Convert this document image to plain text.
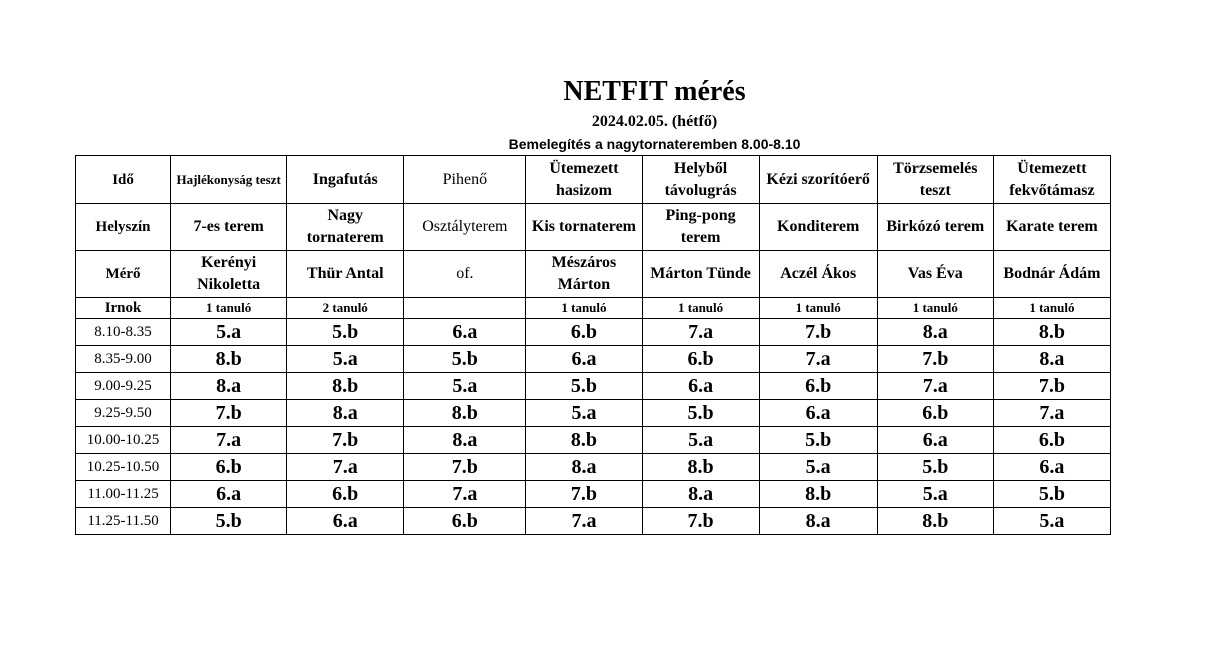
NETFIT mérés
2024.02.05. (hétfő)
Bemelegítés a nagytornateremben 8.00-8.10
Idő	Hajlékonyság teszt	Ingafutás	Pihenő	Ütemezett hasizom	Helyből távolugrás	Kézi szorítóerő	Törzsemelés teszt	Ütemezett fekvőtámasz
Helyszín	7-es terem	Nagy tornaterem	Osztályterem	Kis tornaterem	Ping-pong terem	Konditerem	Birkózó terem	Karate terem
Mérő	Kerényi Nikoletta	Thür Antal	of.	Mészáros Márton	Márton Tünde	Aczél Ákos	Vas Éva	Bodnár Ádám
Irnok	1 tanuló	2 tanuló		1 tanuló	1 tanuló	1 tanuló	1 tanuló	1 tanuló
8.10-8.35	5.a	5.b	6.a	6.b	7.a	7.b	8.a	8.b
8.35-9.00	8.b	5.a	5.b	6.a	6.b	7.a	7.b	8.a
9.00-9.25	8.a	8.b	5.a	5.b	6.a	6.b	7.a	7.b
9.25-9.50	7.b	8.a	8.b	5.a	5.b	6.a	6.b	7.a
10.00-10.25	7.a	7.b	8.a	8.b	5.a	5.b	6.a	6.b
10.25-10.50	6.b	7.a	7.b	8.a	8.b	5.a	5.b	6.a
11.00-11.25	6.a	6.b	7.a	7.b	8.a	8.b	5.a	5.b
11.25-11.50	5.b	6.a	6.b	7.a	7.b	8.a	8.b	5.a
